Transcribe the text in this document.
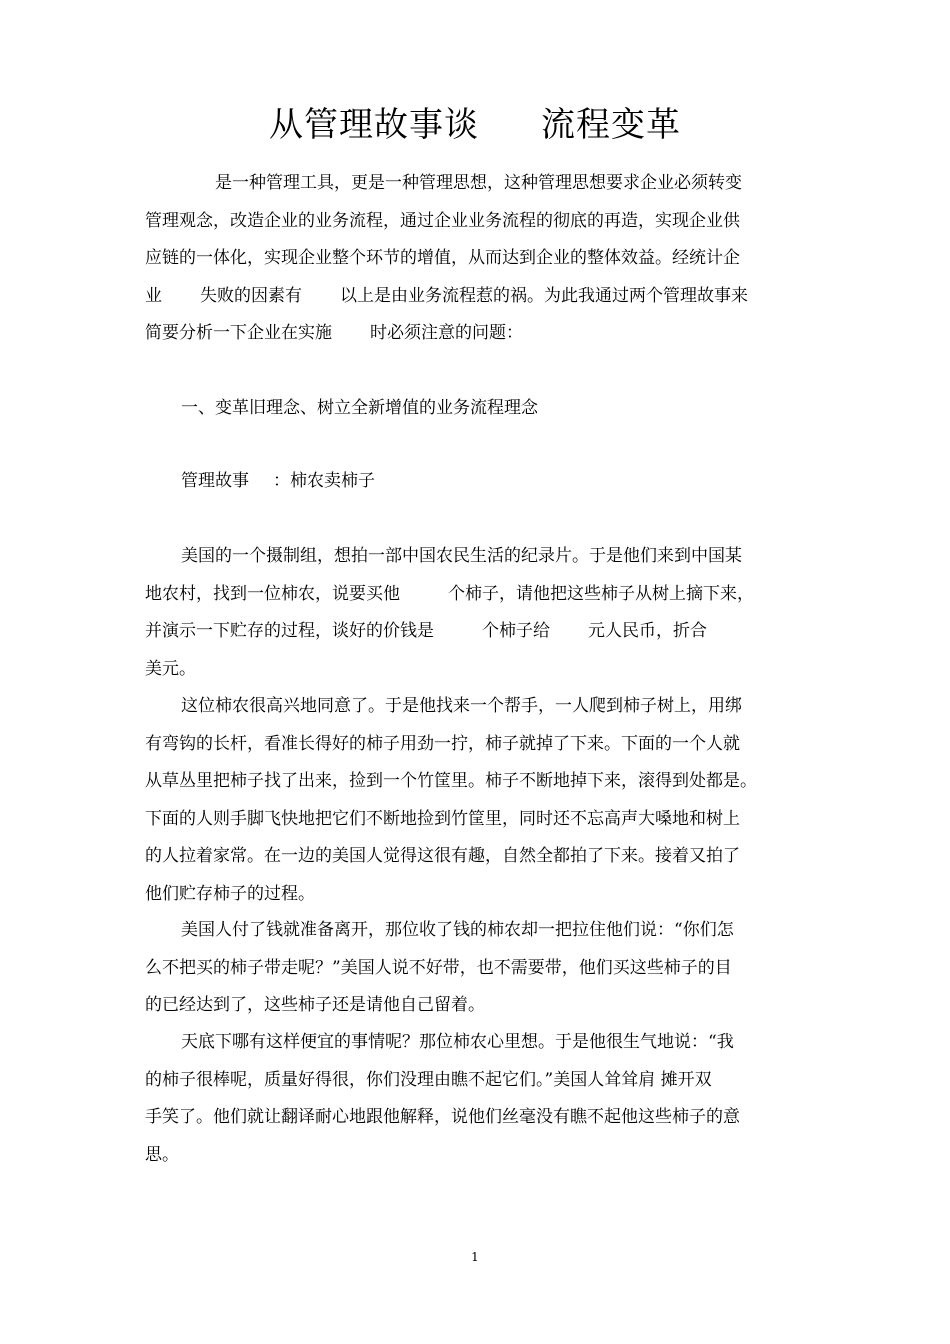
从管理故事谈 流程变革
是一种管理工具，更是一种管理思想，这种管理思想要求企业必须转变
管理观念，改造企业的业务流程，通过企业业务流程的彻底的再造，实现企业供
应链的一体化，实现企业整个环节的增值，从而达到企业的整体效益。经统计企
业 失败的因素有 以上是由业务流程惹的祸。为此我通过两个管理故事来
简要分析一下企业在实施 时必须注意的问题：
一、变革旧理念、树立全新增值的业务流程理念
管理故事 ：柿农卖柿子
美国的一个摄制组，想拍一部中国农民生活的纪录片。于是他们来到中国某
地农村，找到一位柿农，说要买他	个柿子，请他把这些柿子从树上摘下来，
并演示一下贮存的过程，谈好的价钱是	个柿子给 元人民币，折合
美元。
这位柿农很高兴地同意了。于是他找来一个帮手，一人爬到柿子树上，用绑
有弯钩的长杆，看准长得好的柿子用劲一拧，柿子就掉了下来。下面的一个人就
从草丛里把柿子找了出来，捡到一个竹筐里。柿子不断地掉下来，滚得到处都是。
下面的人则手脚飞快地把它们不断地捡到竹筐里，同时还不忘高声大嗓地和树上
的人拉着家常。在一边的美国人觉得这很有趣，自然全都拍了下来。接着又拍了
他们贮存柿子的过程。
美国人付了钱就准备离开，那位收了钱的柿农却一把拉住他们说：“你们怎
么不把买的柿子带走呢？”美国人说不好带，也不需要带，他们买这些柿子的目
的已经达到了，这些柿子还是请他自己留着。
天底下哪有这样便宜的事情呢？那位柿农心里想。于是他很生气地说：“我
的柿子很棒呢，质量好得很，你们没理由瞧不起它们。”美国人耸耸肩 摊开双
手笑了。他们就让翻译耐心地跟他解释，说他们丝毫没有瞧不起他这些柿子的意
思。
1
